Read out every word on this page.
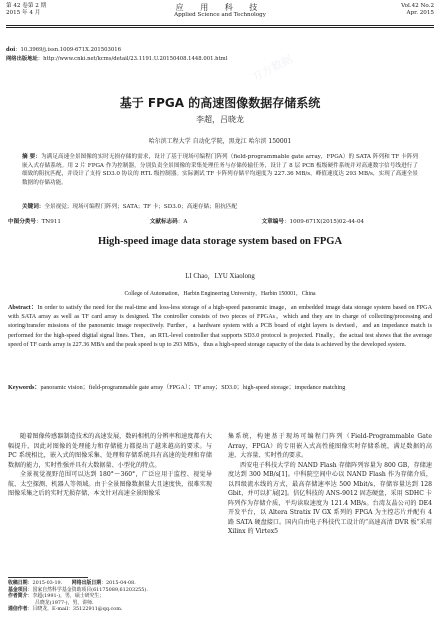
万方数据
万方数据
万方数据
第 42 卷第 2 期
2015 年 4 月
应 用 科 技
Applied Science and Technology
Vol.42 No.2
Apr. 2015
doi：10.3969/j.issn.1009-671X.201503016
网络出版地址：http://www.cnki.net/kcms/detail/23.1191.U.20150408.1448.001.html
基于 FPGA 的高速图像数据存储系统
李超，吕晓龙
哈尔滨工程大学 自动化学院，黑龙江 哈尔滨 150001
摘 要：为满足高速全景图像的实时无损存储的需求，设计了基于现场可编程门阵列（field-programmable gate array，FPGA）的 SATA 阵列和 TF 卡阵列嵌入式存储系统。用 2 片 FPGA 作为控制器，分别负责全景图像的采集处理任务与存储传输任务，设计了 8 层 PCB 板级硬件系统并对高速数字信号线进行了细致的阻抗匹配，并设计了支持 SD3.0 协议的 RTL 级控制器。实际测试 TF 卡阵列存储平均速度为 227.36 MB/s，峰值速度达 293 MB/s，实现了高速全景数据的存储功能。
关键词：全景视觉；现场可编程门阵列；SATA；TF 卡；SD3.0；高速存储；阻抗匹配
中图分类号：TN911	文献标志码：A	文章编号：1009-671X(2015)02-44-04
High-speed image data storage system based on FPGA
LI Chao，LYU Xiaolong
College of Automation，Harbin Engineering University，Harbin 150001，China
Abstract：In order to satisfy the need for the real-time and loss-less storage of a high-speed panoramic image，an embedded image data storage system based on FPGA with SATA array as well as TF card array is designed. The controller consists of two pieces of FPGAs，which and they are in charge of collecting/processing and storing/transfer missions of the panoramic image respectively. Further，a hardware system with a PCB board of eight layers is devised，and an impedance match is performed for the high-speed digital signal lines. Then，an RTL-level controller that supports SD3.0 protocol is projected. Finally，the actual test shows that the average speed of TF cards array is 227.36 MB/s and the peak speed is up to 293 MB/s，thus a high-speed storage capacity of the data is achieved by the developed system.
Keywords：panoramic vision；field-programmable gate array（FPGA）；TF array；SD3.0；high-speed storage；impedance matching

随着图像传感器制造技术的高速发展，数码相机的分辨率和速度都有大幅提升，因此对图像的处理能力和存储能力都提出了越来越高的要求。与 PC 系统相比，嵌入式的图像采集、处理和存储系统具有高速的处理和存储数据的能力，实时性强并具有大数据量、小型化的特点。

全景视觉视野范围可以达到 180°～360°，广泛应用于监控、视觉导航、太空探测、机器人等领域。由于全景图像数据量大且速度快，很难实现图像采集之后的实时无损存储，本文针对高速全景图像采

集系统，构建基于现场可编程门阵列（Field-Programmable Gate Array，FPGA）的专用嵌入式高性能图像实时存储系统，满足数据的高速、大容量、实时性的要求。

西安电子科技大学的 NAND Flash 存储阵列容量为 800 GB，存储速度达到 300 MB/s[1]。中科院空间中心以 NAND Flash 作为存储介质，以四级流水线的方式，最高存储速率达 500 Mbit/s，存储容量达到 128 Gbit，并可以扩展[2]。信亿科技的 ANS-9012 固态硬盘，采用 SDHC 卡阵列作为存储介质，平均读取速度为 121.4 MB/s。台湾友晶公司的 DE4 开发平台，以 Altera Stratix IV GX 系列的 FPGA 为主控芯片并配有 4 路 SATA 硬盘接口。国内自由电子科技代工设计的“高速高清 DVR 板”采用 Xilinx 的 Virtex5

收稿日期：2015-03-19. 网络出版日期：2015-04-08.
基金项目：国家自然科学基金资助项目(61175089,61203255).
作者简介：李超(1991-)，男，硕士研究生；
吕晓龙(1977-)，男，讲师.
通信作者：吕晓龙，E-mail：35122911@qq.com.
